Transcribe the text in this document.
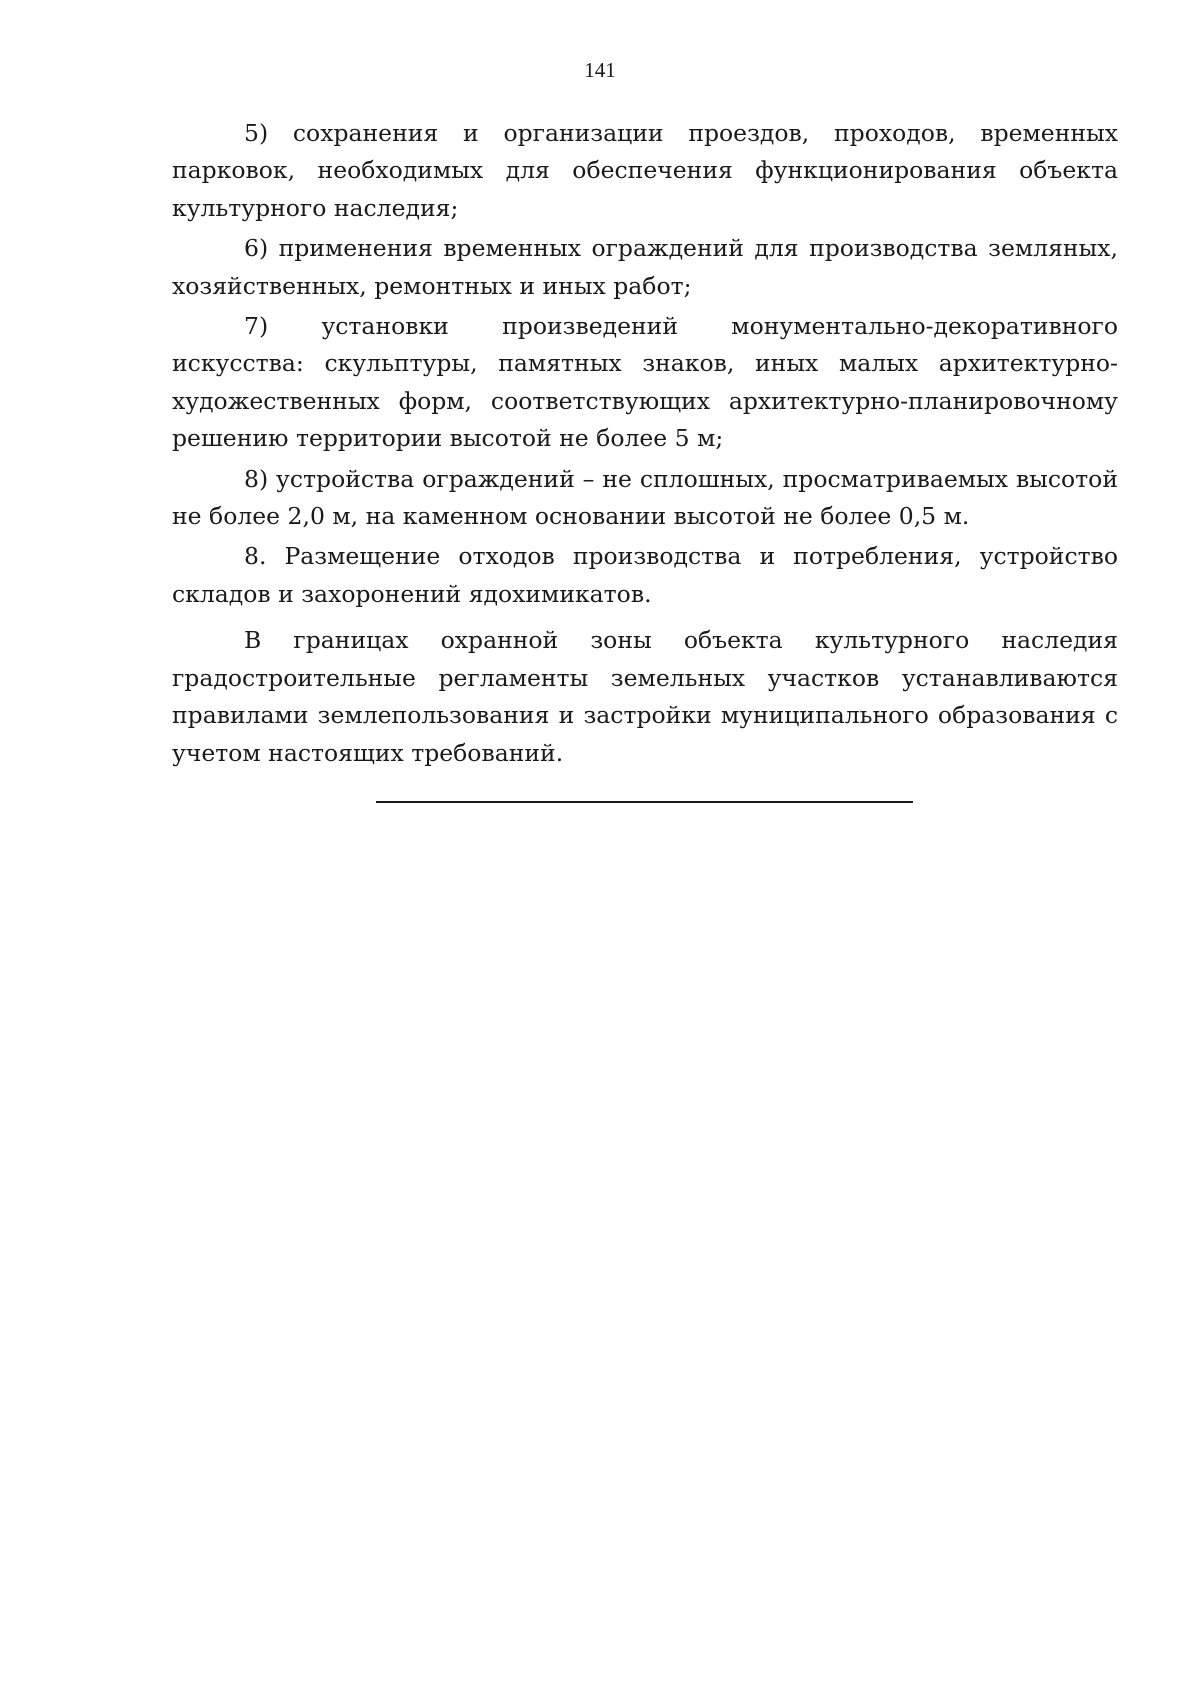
141

5) сохранения и организации проездов, проходов, временных парковок, необходимых для обеспечения функционирования объекта культурного наследия;

6) применения временных ограждений для производства земляных, хозяйственных, ремонтных и иных работ;

7) установки произведений монументально-декоративного искусства: скульптуры, памятных знаков, иных малых архитектурно-художественных форм, соответствующих архитектурно-планировочному решению территории высотой не более 5 м;

8) устройства ограждений – не сплошных, просматриваемых высотой не более 2,0 м, на каменном основании высотой не более 0,5 м.

8. Размещение отходов производства и потребления, устройство складов и захоронений ядохимикатов.

В границах охранной зоны объекта культурного наследия градостроительные регламенты земельных участков устанавливаются правилами землепользования и застройки муниципального образования с учетом настоящих требований.
